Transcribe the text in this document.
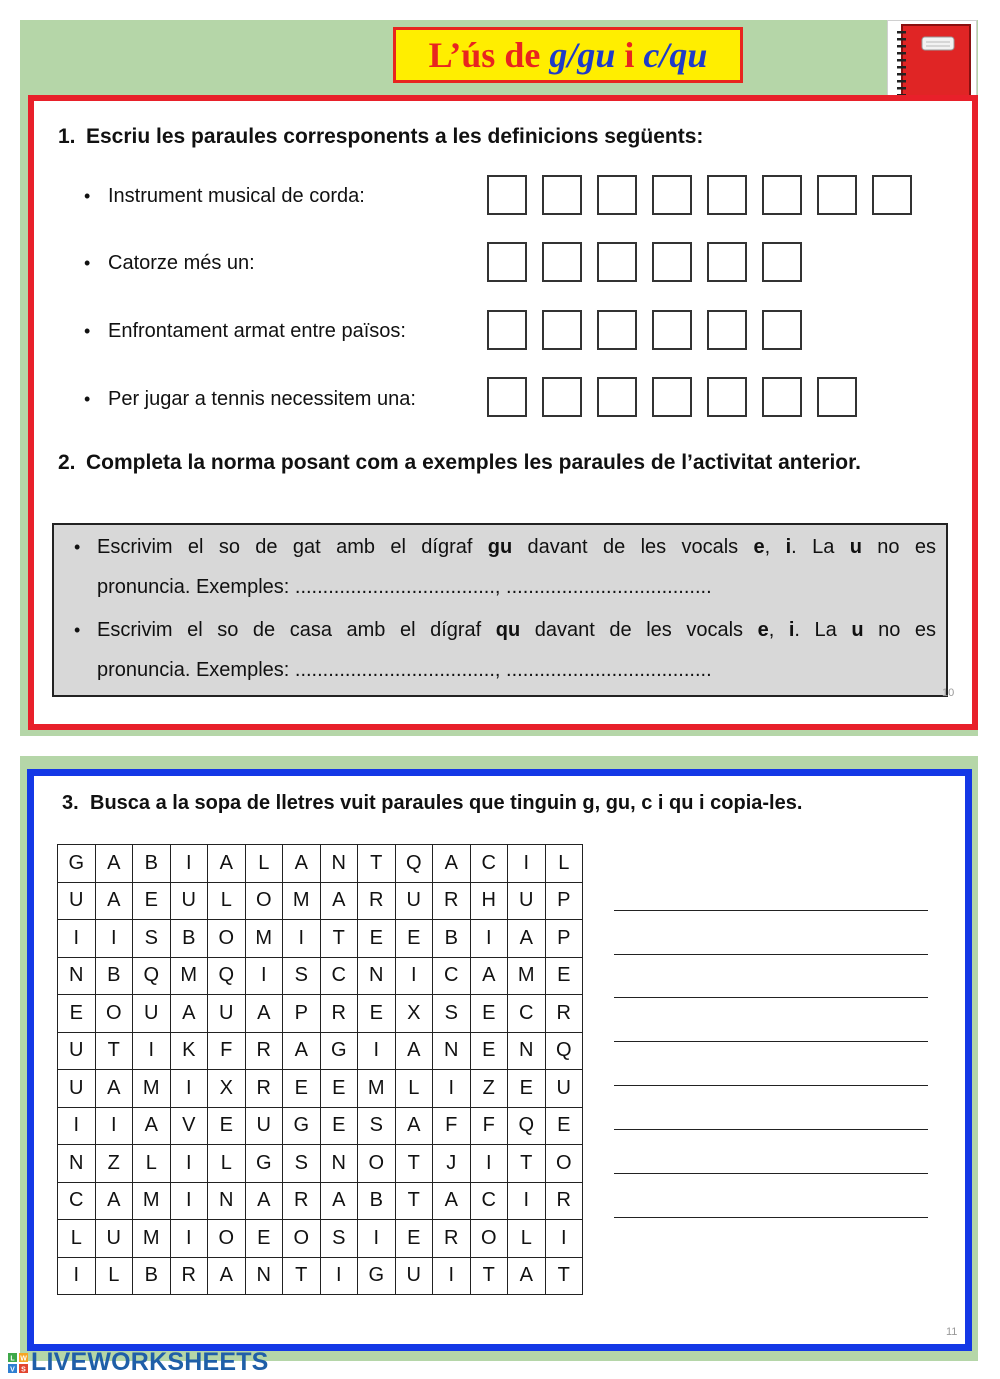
L’ús de g/gu i c/qu
1. Escriu les paraules corresponents a les definicions següents:
• Instrument musical de corda:
• Catorze més un:
• Enfrontament armat entre països:
• Per jugar a tennis necessitem una:
2. Completa la norma posant com a exemples les paraules de l’activitat anterior.
• Escrivim el so de gat amb el dígraf gu davant de les vocals e, i. La u no es
pronuncia. Exemples: ...................................., .....................................
• Escrivim el so de casa amb el dígraf qu davant de les vocals e, i. La u no es
pronuncia. Exemples: ...................................., .....................................
10
3. Busca a la sopa de lletres vuit paraules que tinguin g, gu, c i qu i copia-les.
G	A	B	I	A	L	A	N	T	Q	A	C	I	L
U	A	E	U	L	O	M	A	R	U	R	H	U	P
I	I	S	B	O	M	I	T	E	E	B	I	A	P
N	B	Q	M	Q	I	S	C	N	I	C	A	M	E
E	O	U	A	U	A	P	R	E	X	S	E	C	R
U	T	I	K	F	R	A	G	I	A	N	E	N	Q
U	A	M	I	X	R	E	E	M	L	I	Z	E	U
I	I	A	V	E	U	G	E	S	A	F	F	Q	E
N	Z	L	I	L	G	S	N	O	T	J	I	T	O
C	A	M	I	N	A	R	A	B	T	A	C	I	R
L	U	M	I	O	E	O	S	I	E	R	O	L	I
I	L	B	R	A	N	T	I	G	U	I	T	A	T
11
L W
V S LIVEWORKSHEETS
